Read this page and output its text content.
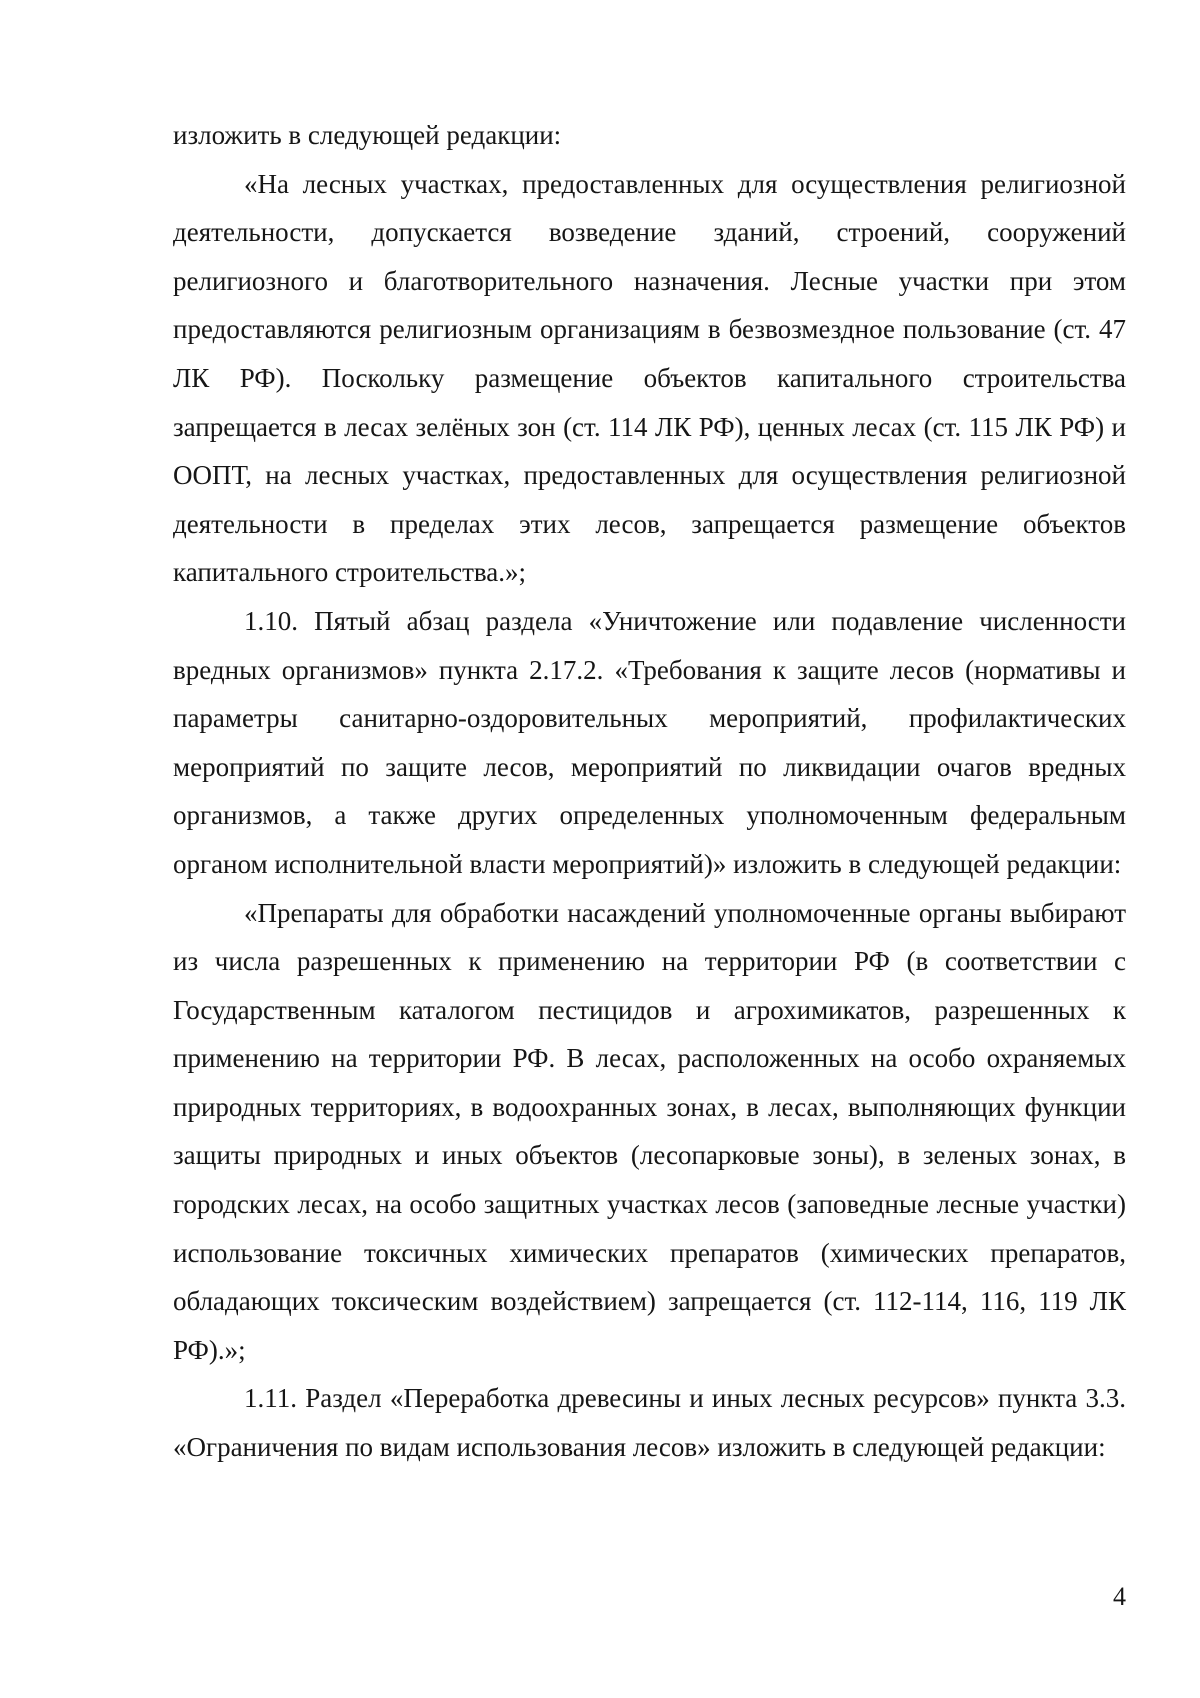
изложить в следующей редакции:

«На лесных участках, предоставленных для осуществления религиозной деятельности, допускается возведение зданий, строений, сооружений религиозного и благотворительного назначения. Лесные участки при этом предоставляются религиозным организациям в безвозмездное пользование (ст. 47 ЛК РФ). Поскольку размещение объектов капитального строительства запрещается в лесах зелёных зон (ст. 114 ЛК РФ), ценных лесах (ст. 115 ЛК РФ) и ООПТ, на лесных участках, предоставленных для осуществления религиозной деятельности в пределах этих лесов, запрещается размещение объектов капитального строительства.»;

1.10. Пятый абзац раздела «Уничтожение или подавление численности вредных организмов» пункта 2.17.2. «Требования к защите лесов (нормативы и параметры санитарно-оздоровительных мероприятий, профилактических мероприятий по защите лесов, мероприятий по ликвидации очагов вредных организмов, а также других определенных уполномоченным федеральным органом исполнительной власти мероприятий)» изложить в следующей редакции:

«Препараты для обработки насаждений уполномоченные органы выбирают из числа разрешенных к применению на территории РФ (в соответствии с Государственным каталогом пестицидов и агрохимикатов, разрешенных к применению на территории РФ. В лесах, расположенных на особо охраняемых природных территориях, в водоохранных зонах, в лесах, выполняющих функции защиты природных и иных объектов (лесопарковые зоны), в зеленых зонах, в городских лесах, на особо защитных участках лесов (заповедные лесные участки) использование токсичных химических препаратов (химических препаратов, обладающих токсическим воздействием) запрещается (ст. 112-114, 116, 119 ЛК РФ).»;

1.11. Раздел «Переработка древесины и иных лесных ресурсов» пункта 3.3. «Ограничения по видам использования лесов» изложить в следующей редакции:

4
